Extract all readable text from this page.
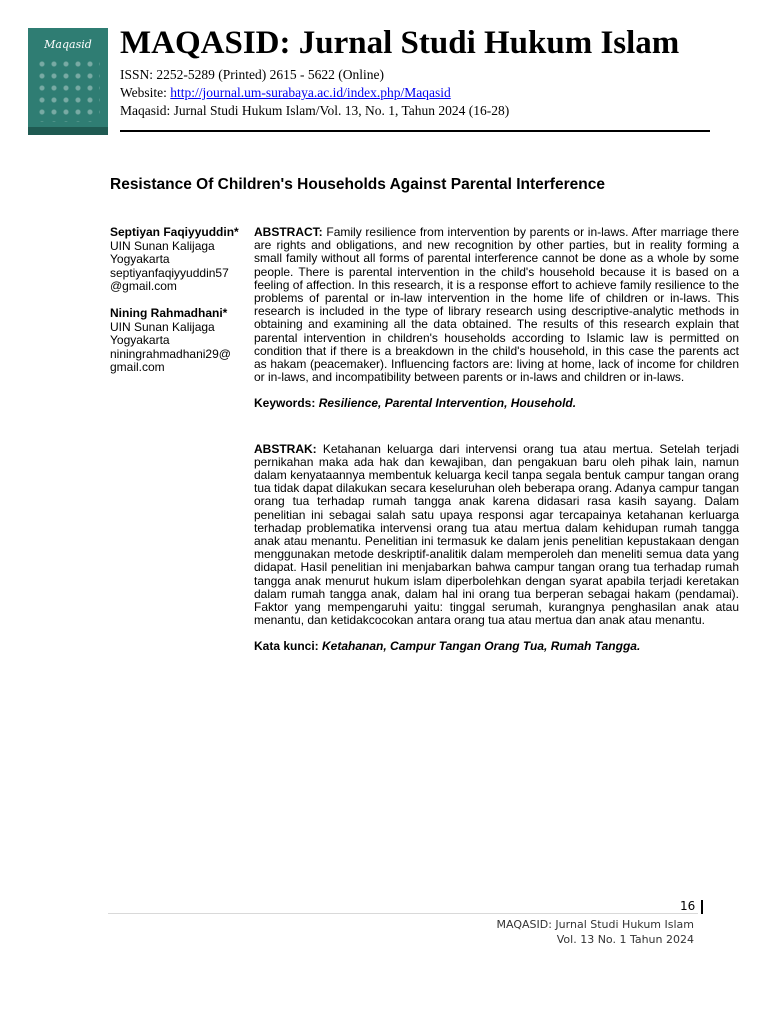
Maqasid MAQASID: Jurnal Studi Hukum Islam
ISSN: 2252-5289 (Printed) 2615 - 5622 (Online)
Website: http://journal.um-surabaya.ac.id/index.php/Maqasid
Maqasid: Jurnal Studi Hukum Islam/Vol. 13, No. 1, Tahun 2024 (16-28)
Resistance Of Children's Households Against Parental Interference
Septiyan Faqiyyuddin*
UIN Sunan Kalijaga Yogyakarta
septiyanfaqiyyuddin57 @gmail.com
Nining Rahmadhani*
UIN Sunan Kalijaga Yogyakarta
niningrahmadhani29@ gmail.com

ABSTRACT: Family resilience from intervention by parents or in-laws. After marriage there are rights and obligations, and new recognition by other parties, but in reality forming a small family without all forms of parental interference cannot be done as a whole by some people. There is parental intervention in the child's household because it is based on a feeling of affection. In this research, it is a response effort to achieve family resilience to the problems of parental or in-law intervention in the home life of children or in-laws. This research is included in the type of library research using descriptive-analytic methods in obtaining and examining all the data obtained. The results of this research explain that parental intervention in children's households according to Islamic law is permitted on condition that if there is a breakdown in the child's household, in this case the parents act as hakam (peacemaker). Influencing factors are: living at home, lack of income for children or in-laws, and incompatibility between parents or in-laws and children or in-laws.

Keywords: Resilience, Parental Intervention, Household.

ABSTRAK: Ketahanan keluarga dari intervensi orang tua atau mertua. Setelah terjadi pernikahan maka ada hak dan kewajiban, dan pengakuan baru oleh pihak lain, namun dalam kenyataannya membentuk keluarga kecil tanpa segala bentuk campur tangan orang tua tidak dapat dilakukan secara keseluruhan oleh beberapa orang. Adanya campur tangan orang tua terhadap rumah tangga anak karena didasari rasa kasih sayang. Dalam penelitian ini sebagai salah satu upaya responsi agar tercapainya ketahanan kerluarga terhadap problematika intervensi orang tua atau mertua dalam kehidupan rumah tangga anak atau menantu. Penelitian ini termasuk ke dalam jenis penelitian kepustakaan dengan menggunakan metode deskriptif-analitik dalam memperoleh dan meneliti semua data yang didapat. Hasil penelitian ini menjabarkan bahwa campur tangan orang tua terhadap rumah tangga anak menurut hukum islam diperbolehkan dengan syarat apabila terjadi keretakan dalam rumah tangga anak, dalam hal ini orang tua berperan sebagai hakam (pendamai). Faktor yang mempengaruhi yaitu: tinggal serumah, kurangnya penghasilan anak atau menantu, dan ketidakcocokan antara orang tua atau mertua dan anak atau menantu.

Kata kunci: Ketahanan, Campur Tangan Orang Tua, Rumah Tangga.

16
MAQASID: Jurnal Studi Hukum Islam
Vol. 13 No. 1 Tahun 2024
